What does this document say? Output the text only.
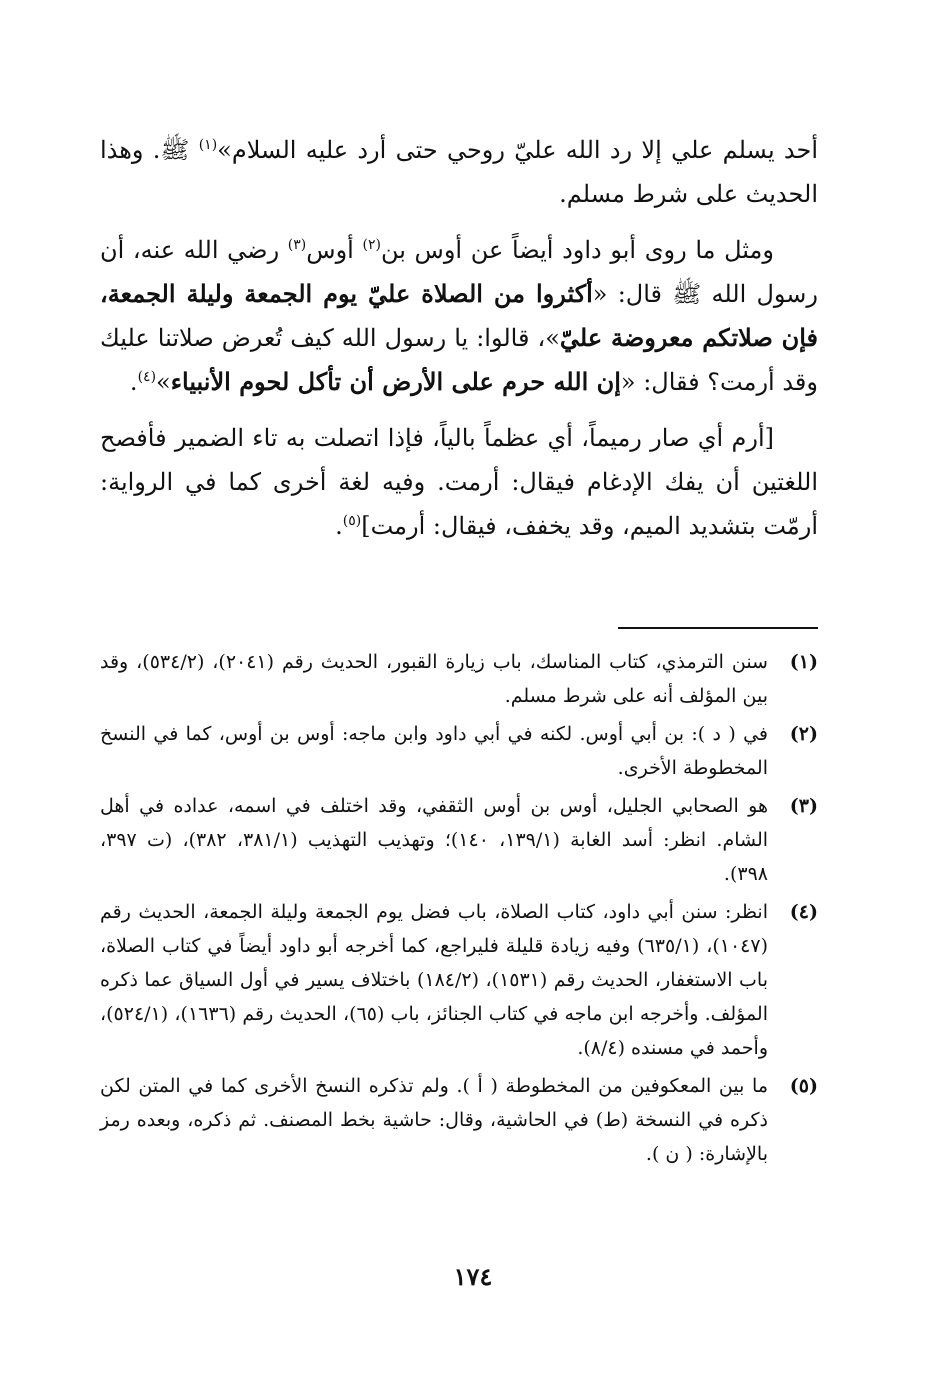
أحد يسلم علي إلا رد الله عليّ روحي حتى أرد عليه السلام»$^{(١)}$ ﷺ. وهذا الحديث على شرط مسلم.

ومثل ما روى أبو داود أيضاً عن أوس بن$^{(٢)}$ أوس$^{(٣)}$ رضي الله عنه، أن رسول الله ﷺ قال: «أكثروا من الصلاة عليّ يوم الجمعة وليلة الجمعة، فإن صلاتكم معروضة عليّ»، قالوا: يا رسول الله كيف تُعرض صلاتنا عليك وقد أرمت؟ فقال: «إن الله حرم على الأرض أن تأكل لحوم الأنبياء»$^{(٤)}$.

[أرم أي صار رميماً، أي عظماً بالياً، فإذا اتصلت به تاء الضمير فأفصح اللغتين أن يفك الإدغام فيقال: أرمت. وفيه لغة أخرى كما في الرواية: أرمّت بتشديد الميم، وقد يخفف، فيقال: أرمت]$^{(٥)}$.

(١)
سنن الترمذي، كتاب المناسك، باب زيارة القبور، الحديث رقم (٢٠٤١)، (٥٣٤/٢)، وقد بين المؤلف أنه على شرط مسلم.
(٢)
في ( د ): بن أبي أوس. لكنه في أبي داود وابن ماجه: أوس بن أوس، كما في النسخ المخطوطة الأخرى.
(٣)
هو الصحابي الجليل، أوس بن أوس الثقفي، وقد اختلف في اسمه، عداده في أهل الشام. انظر: أسد الغابة (١٣٩/١، ١٤٠)؛ وتهذيب التهذيب (٣٨١/١، ٣٨٢)، (ت ٣٩٧، ٣٩٨).
(٤)
انظر: سنن أبي داود، كتاب الصلاة، باب فضل يوم الجمعة وليلة الجمعة، الحديث رقم (١٠٤٧)، (٦٣٥/١) وفيه زيادة قليلة فليراجع، كما أخرجه أبو داود أيضاً في كتاب الصلاة، باب الاستغفار، الحديث رقم (١٥٣١)، (١٨٤/٢) باختلاف يسير في أول السياق عما ذكره المؤلف. وأخرجه ابن ماجه في كتاب الجنائز، باب (٦٥)، الحديث رقم (١٦٣٦)، (٥٢٤/١)، وأحمد في مسنده (٨/٤).
(٥)
ما بين المعكوفين من المخطوطة ( أ ). ولم تذكره النسخ الأخرى كما في المتن لكن ذكره في النسخة (ط) في الحاشية، وقال: حاشية بخط المصنف. ثم ذكره، وبعده رمز بالإشارة: ( ن ).
١٧٤
